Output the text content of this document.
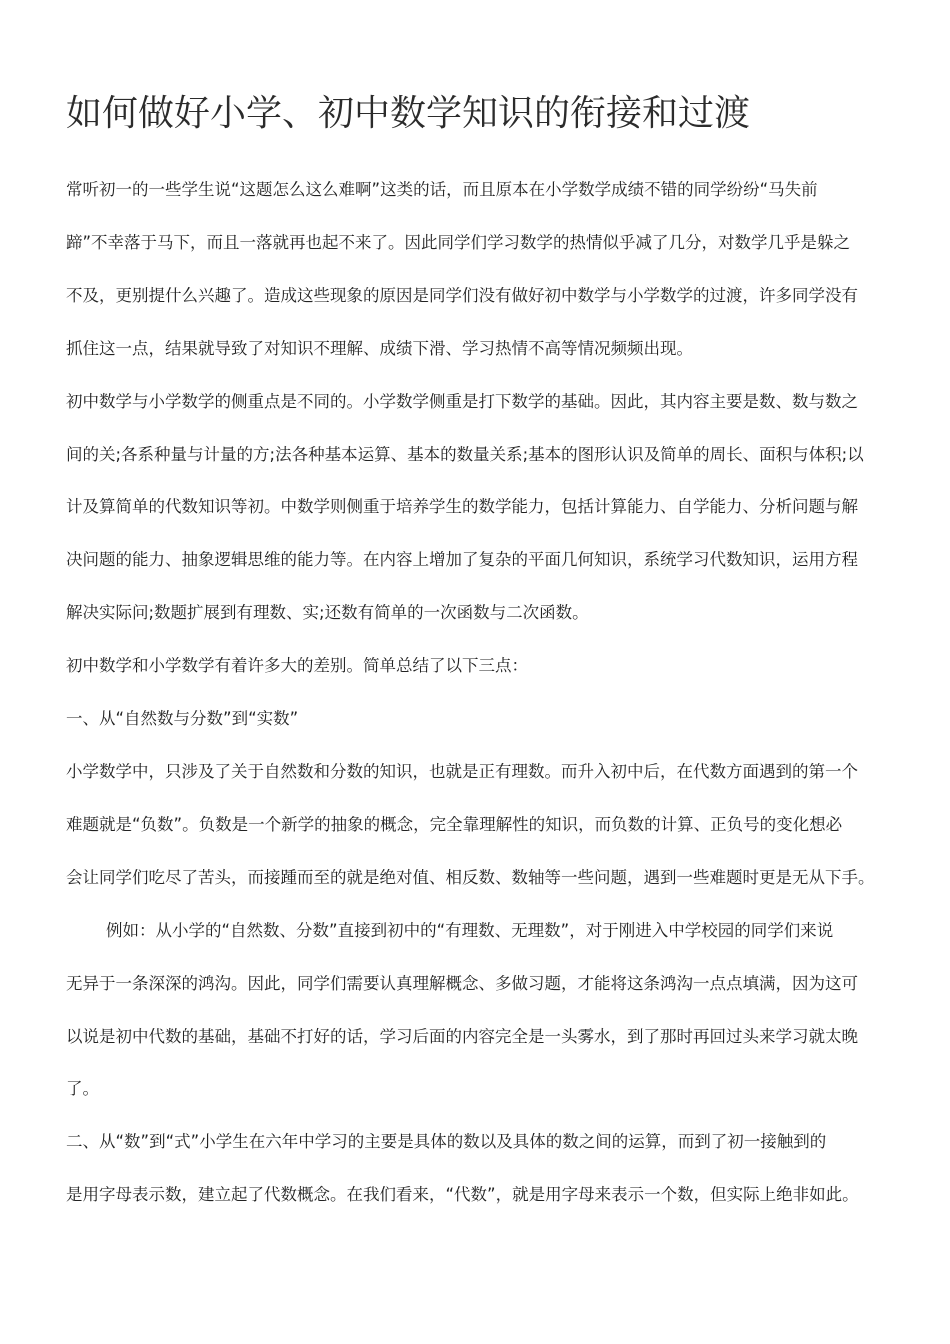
如何做好小学、初中数学知识的衔接和过渡

常听初一的一些学生说“这题怎么这么难啊”这类的话，而且原本在小学数学成绩不错的同学纷纷“马失前
蹄”不幸落于马下，而且一落就再也起不来了。因此同学们学习数学的热情似乎减了几分，对数学几乎是躲之
不及，更别提什么兴趣了。造成这些现象的原因是同学们没有做好初中数学与小学数学的过渡，许多同学没有
抓住这一点，结果就导致了对知识不理解、成绩下滑、学习热情不高等情况频频出现。

初中数学与小学数学的侧重点是不同的。小学数学侧重是打下数学的基础。因此，其内容主要是数、数与数之
间的关;各系种量与计量的方;法各种基本运算、基本的数量关系;基本的图形认识及简单的周长、面积与体积;以
计及算简单的代数知识等初。中数学则侧重于培养学生的数学能力，包括计算能力、自学能力、分析问题与解
决问题的能力、抽象逻辑思维的能力等。在内容上增加了复杂的平面几何知识，系统学习代数知识，运用方程
解决实际问;数题扩展到有理数、实;还数有简单的一次函数与二次函数。

初中数学和小学数学有着许多大的差别。简单总结了以下三点：

一、从“自然数与分数”到“实数”

小学数学中，只涉及了关于自然数和分数的知识，也就是正有理数。而升入初中后，在代数方面遇到的第一个
难题就是“负数”。负数是一个新学的抽象的概念，完全靠理解性的知识，而负数的计算、正负号的变化想必
会让同学们吃尽了苦头，而接踵而至的就是绝对值、相反数、数轴等一些问题，遇到一些难题时更是无从下手。

例如：从小学的“自然数、分数”直接到初中的“有理数、无理数”，对于刚进入中学校园的同学们来说
无异于一条深深的鸿沟。因此，同学们需要认真理解概念、多做习题，才能将这条鸿沟一点点填满，因为这可
以说是初中代数的基础，基础不打好的话，学习后面的内容完全是一头雾水，到了那时再回过头来学习就太晚
了。

二、从“数”到“式”小学生在六年中学习的主要是具体的数以及具体的数之间的运算，而到了初一接触到的
是用字母表示数，建立起了代数概念。在我们看来，“代数”，就是用字母来表示一个数，但实际上绝非如此。
